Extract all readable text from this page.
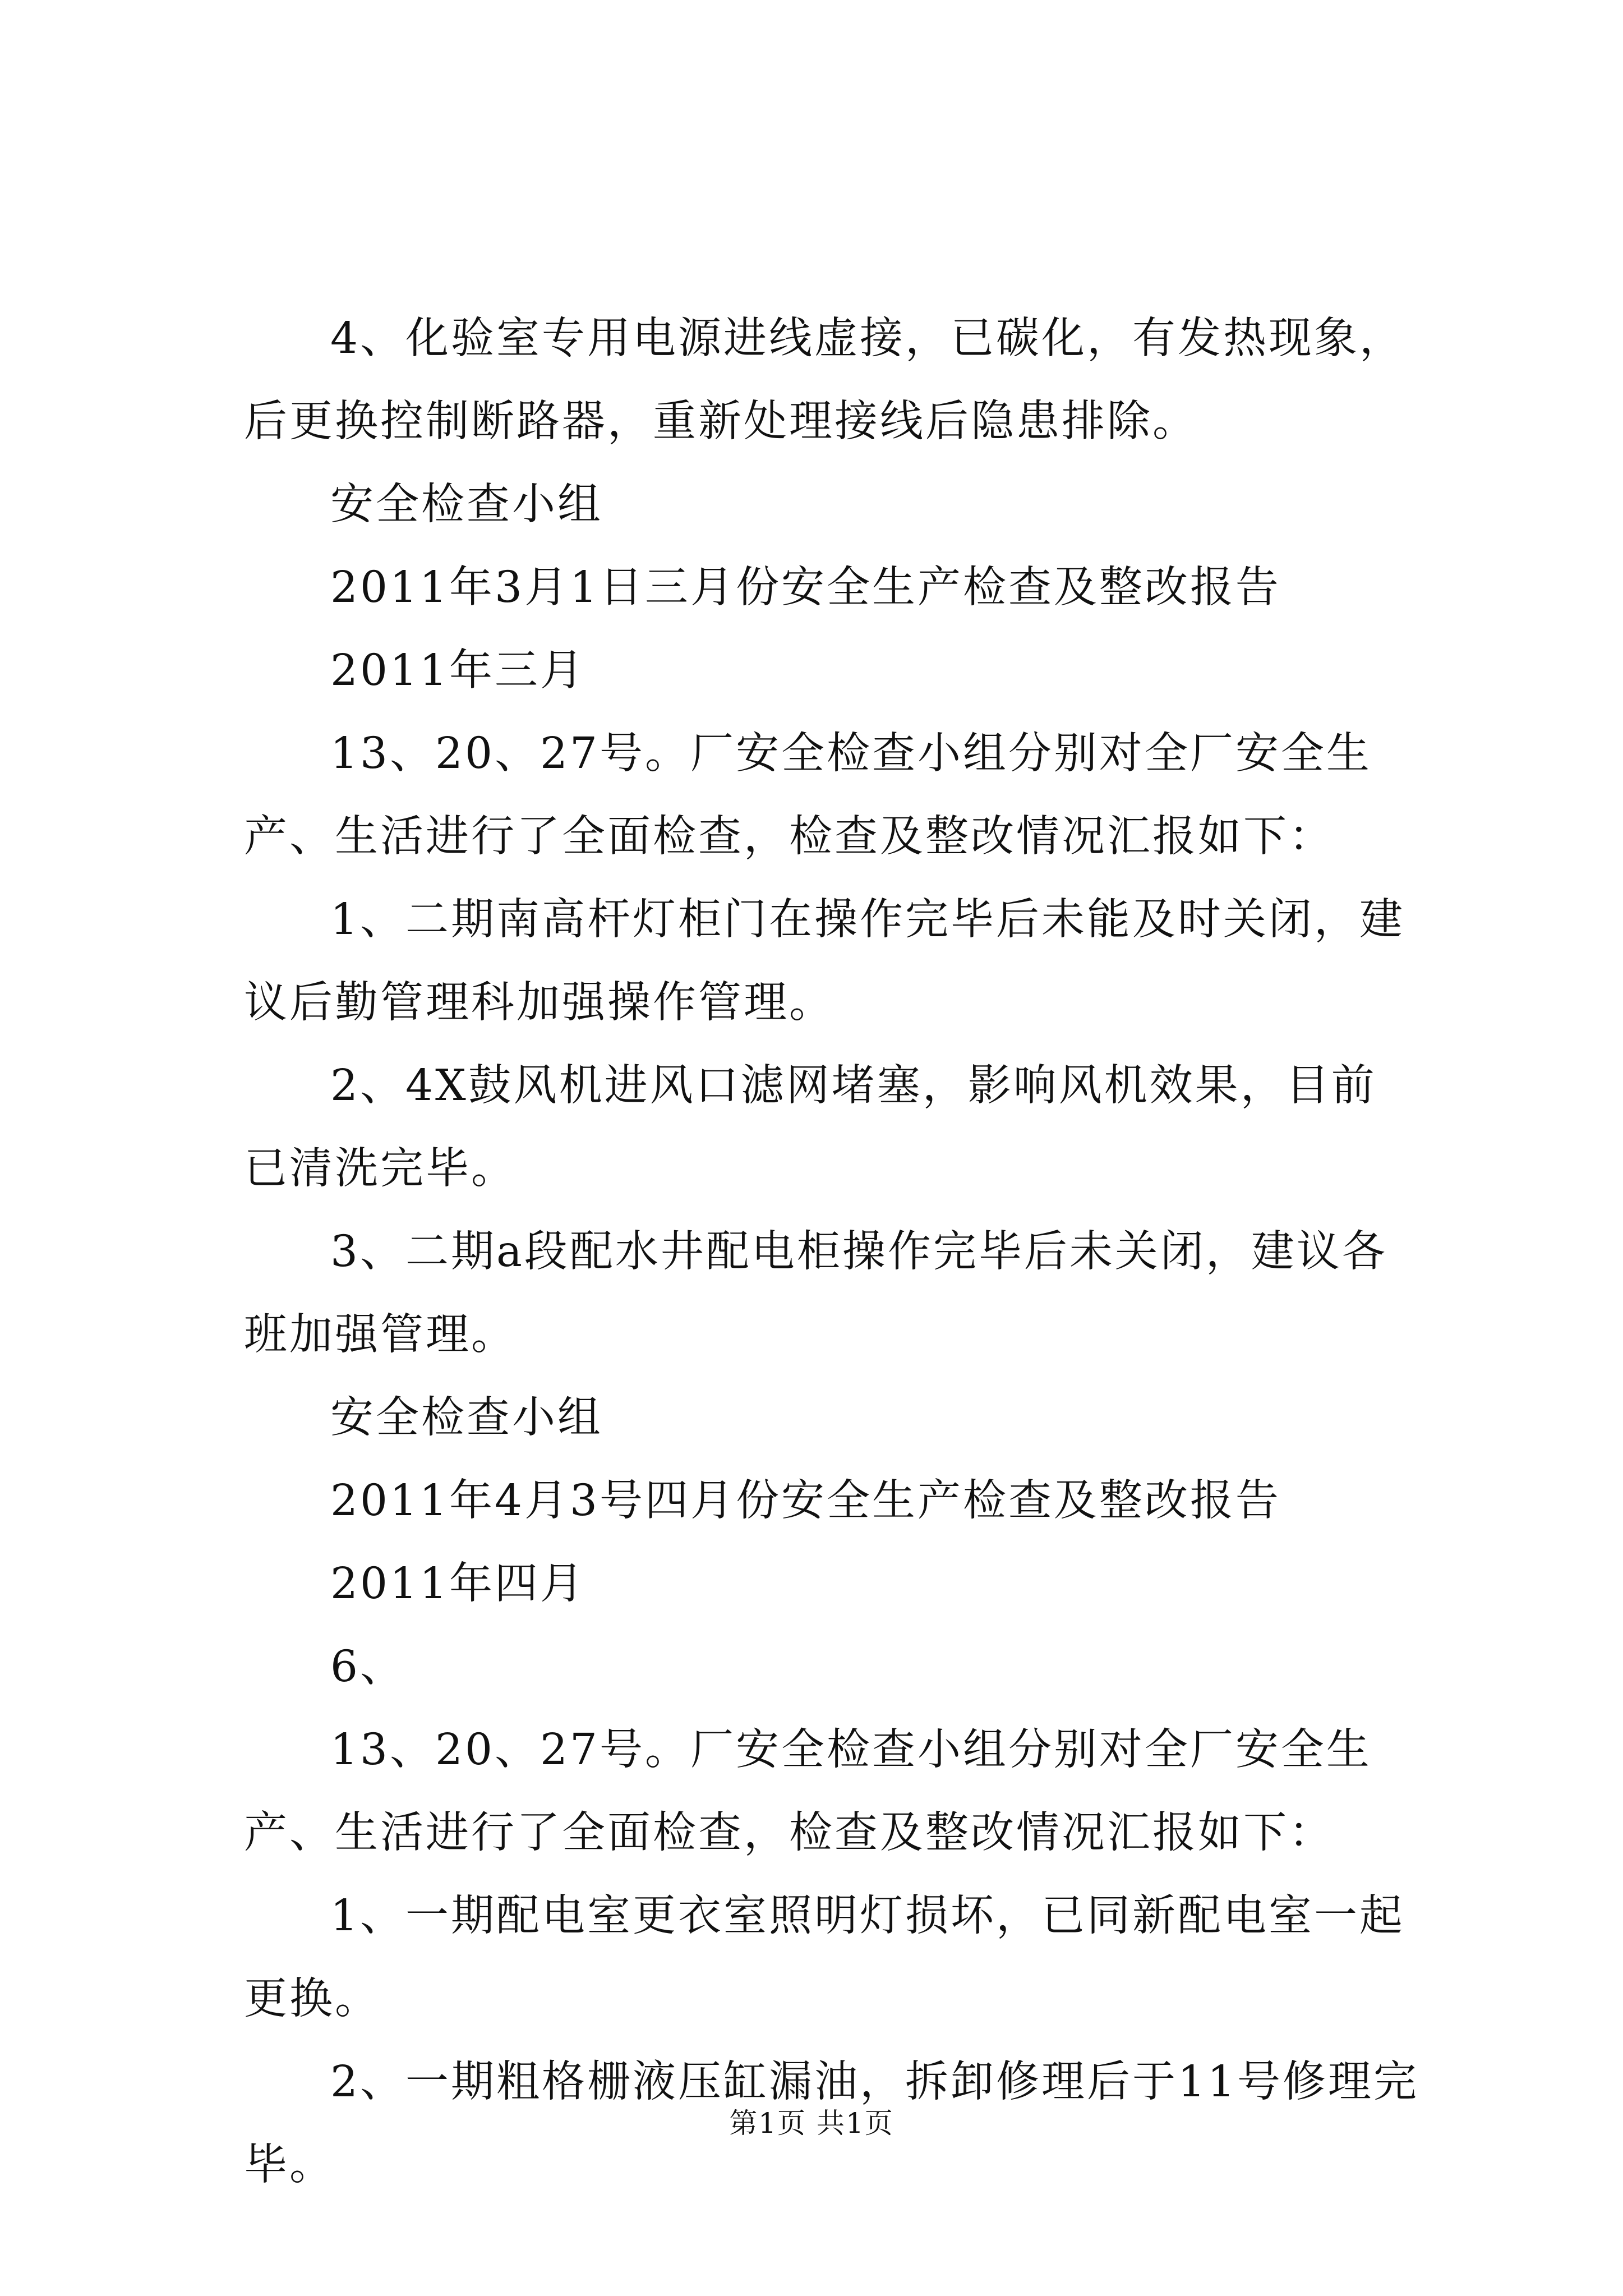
4、化验室专用电源进线虚接，已碳化，有发热现象，后更换控制断路器，重新处理接线后隐患排除。

安全检查小组

2011年3月1日三月份安全生产检查及整改报告

2011年三月

13、20、27号。厂安全检查小组分别对全厂安全生产、生活进行了全面检查，检查及整改情况汇报如下：

1、二期南高杆灯柜门在操作完毕后未能及时关闭，建议后勤管理科加强操作管理。

2、4X鼓风机进风口滤网堵塞，影响风机效果，目前已清洗完毕。

3、二期a段配水井配电柜操作完毕后未关闭，建议各班加强管理。

安全检查小组

2011年4月3号四月份安全生产检查及整改报告

2011年四月

6、

13、20、27号。厂安全检查小组分别对全厂安全生产、生活进行了全面检查，检查及整改情况汇报如下：

1、一期配电室更衣室照明灯损坏，已同新配电室一起更换。

2、一期粗格栅液压缸漏油，拆卸修理后于11号修理完毕。

第1页 共1页
